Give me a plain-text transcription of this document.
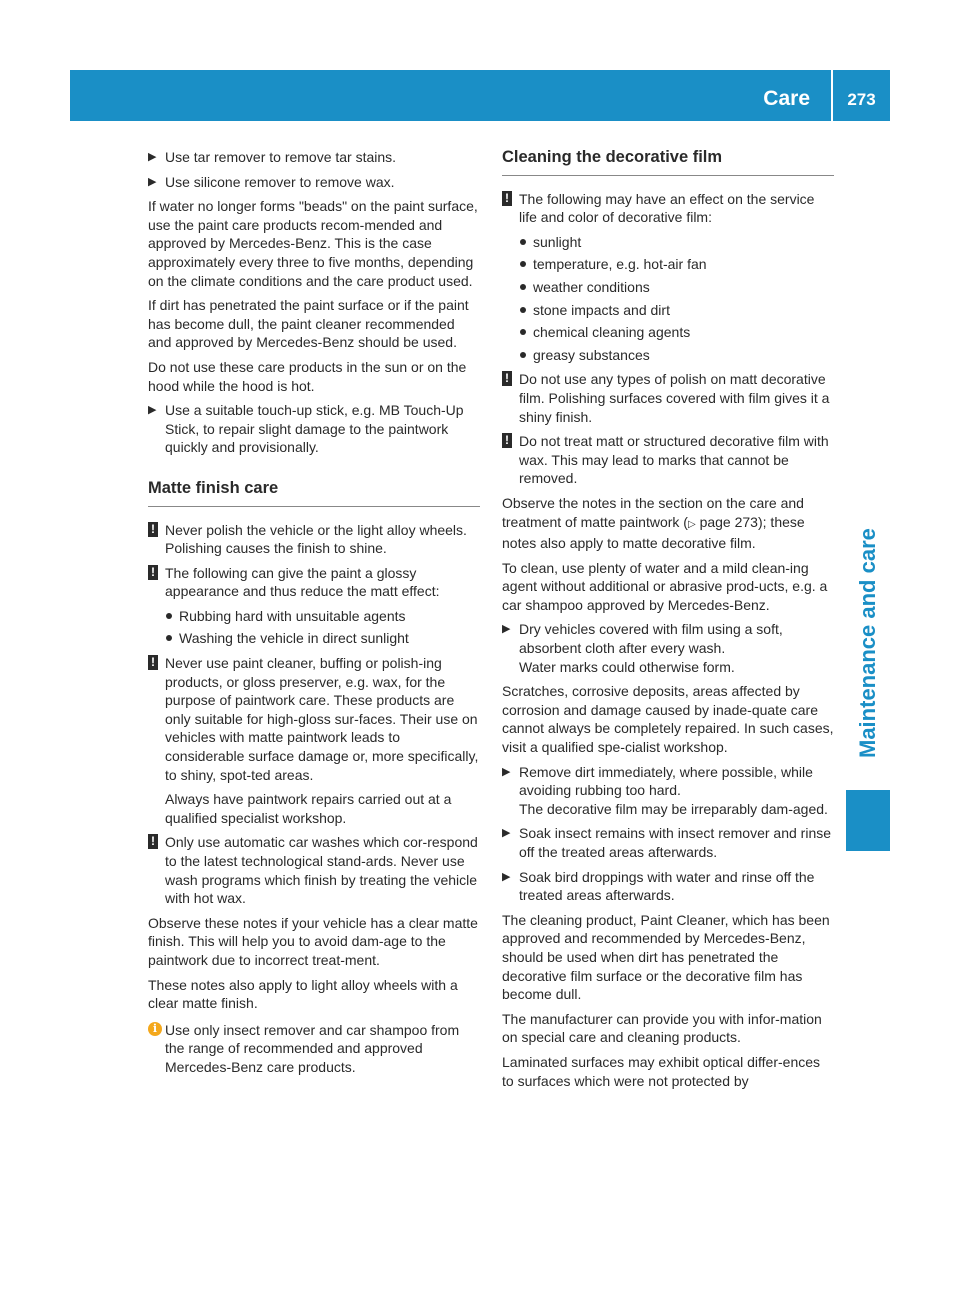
Care	273
Maintenance and care
▶ Use tar remover to remove tar stains.
▶ Use silicone remover to remove wax.

If water no longer forms "beads" on the paint surface, use the paint care products recom-mended and approved by Mercedes-Benz. This is the case approximately every three to five months, depending on the climate conditions and the care product used.

If dirt has penetrated the paint surface or if the paint has become dull, the paint cleaner recommended and approved by Mercedes-Benz should be used.

Do not use these care products in the sun or on the hood while the hood is hot.

▶ Use a suitable touch-up stick, e.g. MB Touch-Up Stick, to repair slight damage to the paintwork quickly and provisionally.
Matte finish care
! Never polish the vehicle or the light alloy wheels. Polishing causes the finish to shine.
! The following can give the paint a glossy appearance and thus reduce the matt effect:
Rubbing hard with unsuitable agents
Washing the vehicle in direct sunlight
! Never use paint cleaner, buffing or polish-ing products, or gloss preserver, e.g. wax, for the purpose of paintwork care. These products are only suitable for high-gloss sur-faces. Their use on vehicles with matte paintwork leads to considerable surface damage or, more specifically, to shiny, spot-ted areas.

Always have paintwork repairs carried out at a qualified specialist workshop.

! Only use automatic car washes which cor-respond to the latest technological stand-ards. Never use wash programs which finish by treating the vehicle with hot wax.

Observe these notes if your vehicle has a clear matte finish. This will help you to avoid dam-age to the paintwork due to incorrect treat-ment.

These notes also apply to light alloy wheels with a clear matte finish.

i Use only insect remover and car shampoo from the range of recommended and approved Mercedes-Benz care products.
Cleaning the decorative film
! The following may have an effect on the service life and color of decorative film:
sunlight
temperature, e.g. hot-air fan
weather conditions
stone impacts and dirt
chemical cleaning agents
greasy substances
! Do not use any types of polish on matt decorative film. Polishing surfaces covered with film gives it a shiny finish.
! Do not treat matt or structured decorative film with wax. This may lead to marks that cannot be removed.

Observe the notes in the section on the care and treatment of matte paintwork (▷ page 273); these notes also apply to matte decorative film.

To clean, use plenty of water and a mild clean-ing agent without additional or abrasive prod-ucts, e.g. a car shampoo approved by Mercedes-Benz.

▶ Dry vehicles covered with film using a soft, absorbent cloth after every wash.
Water marks could otherwise form.

Scratches, corrosive deposits, areas affected by corrosion and damage caused by inade-quate care cannot always be completely repaired. In such cases, visit a qualified spe-cialist workshop.

▶ Remove dirt immediately, where possible, while avoiding rubbing too hard.
The decorative film may be irreparably dam-aged.
▶ Soak insect remains with insect remover and rinse off the treated areas afterwards.
▶ Soak bird droppings with water and rinse off the treated areas afterwards.

The cleaning product, Paint Cleaner, which has been approved and recommended by Mercedes-Benz, should be used when dirt has penetrated the decorative film surface or the decorative film has become dull.

The manufacturer can provide you with infor-mation on special care and cleaning products.

Laminated surfaces may exhibit optical differ-ences to surfaces which were not protected by
